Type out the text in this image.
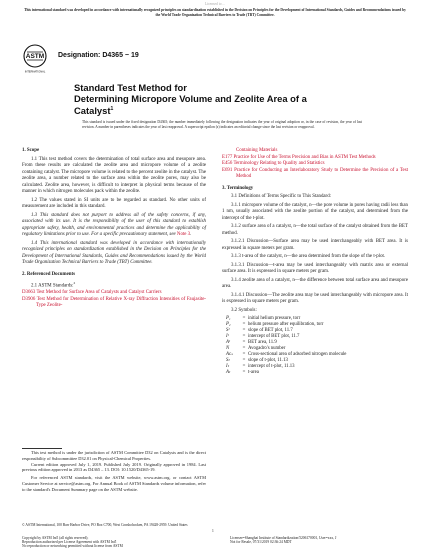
Licensed to ...
This international standard was developed in accordance with internationally recognized principles on standardization established in the Decision on Principles for the Development of International Standards, Guides and Recommendations issued by the World Trade Organization Technical Barriers to Trade (TBT) Committee.
ASTM
INTERNATIONAL
Designation: D4365 − 19
Standard Test Method for
Determining Micropore Volume and Zeolite Area of a
Catalyst$^1$
This standard is issued under the fixed designation D4365; the number immediately following the designation indicates the year of original adoption or, in the case of revision, the year of last revision. A number in parentheses indicates the year of last reapproval. A superscript epsilon (ε) indicates an editorial change since the last revision or reapproval.

1. Scope

1.1 This test method covers the determination of total surface area and mesopore area. From these results are calculated the zeolite area and micropore volume of a zeolite containing catalyst. The micropore volume is related to the percent zeolite in the catalyst. The zeolite area, a number related to the surface area within the zeolite pores, may also be calculated. Zeolite area, however, is difficult to interpret in physical terms because of the manner in which nitrogen molecules pack within the zeolite.

1.2 The values stated in SI units are to be regarded as standard. No other units of measurement are included in this standard.

1.3 This standard does not purport to address all of the safety concerns, if any, associated with its use. It is the responsibility of the user of this standard to establish appropriate safety, health, and environmental practices and determine the applicability of regulatory limitations prior to use. For a specific precautionary statement, see Note 3.

1.4 This international standard was developed in accordance with internationally recognized principles on standardization established in the Decision on Principles for the Development of International Standards, Guides and Recommendations issued by the World Trade Organization Technical Barriers to Trade (TBT) Committee.

2. Referenced Documents

2.1 ASTM Standards:$^2$

D3663 Test Method for Surface Area of Catalysts and Catalyst Carriers

D3906 Test Method for Determination of Relative X-ray Diffraction Intensities of Faujasite-Type Zeolite-

This test method is under the jurisdiction of ASTM Committee D32 on Catalysts and is the direct responsibility of Subcommittee D32.01 on Physical-Chemical Properties.

Current edition approved July 1, 2019. Published July 2019. Originally approved in 1984. Last previous edition approved in 2013 as D4365 – 13. DOI: 10.1520/D4365-19.

For referenced ASTM standards, visit the ASTM website, www.astm.org, or contact ASTM Customer Service at service@astm.org. For Annual Book of ASTM Standards volume information, refer to the standard's Document Summary page on the ASTM website.

Containing Materials

E177 Practice for Use of the Terms Precision and Bias in ASTM Test Methods

E456 Terminology Relating to Quality and Statistics

E691 Practice for Conducting an Interlaboratory Study to Determine the Precision of a Test Method

3. Terminology

3.1 Definitions of Terms Specific to This Standard:

3.1.1 micropore volume of the catalyst, n—the pore volume in pores having radii less than 1 nm, usually associated with the zeolite portion of the catalyst, and determined from the intercept of the t-plot.

3.1.2 surface area of a catalyst, n—the total surface of the catalyst obtained from the BET method.

3.1.2.1 Discussion—Surface area may be used interchangeably with BET area. It is expressed in square meters per gram.

3.1.3 t-area of the catalyst, n—the area determined from the slope of the t-plot.

3.1.3.1 Discussion—t-area may be used interchangeably with matrix area or external surface area. It is expressed in square meters per gram.

3.1.4 zeolite area of a catalyst, n—the difference between total surface area and mesopore area.

3.1.4.1 Discussion—The zeolite area may be used interchangeably with micropore area. It is expressed in square meters per gram.

3.2 Symbols:

P₁	=	initial helium pressure, torr
P₂	=	helium pressure after equilibration, torr
Sᴵ	=	slope of BET plot, 11.7
Iᴵ	=	intercept of BET plot, 11.7
Aᴵ	=	BET area, 11.9
N	=	Avogadro's number
Aᴄₛ	=	Cross-sectional area of adsorbed nitrogen molecule
Sₜ	=	slope of t-plot, 11.13
Iₜ	=	intercept of t-plot, 11.13
Aₜ	=	t-area
© ASTM International, 100 Barr Harbor Drive, PO Box C700, West Conshohocken, PA 19428-2959. United States
1
Copyright by ASTM Int'l (all rights reserved);
Reproduction authorized per License Agreement with ASTM Int'l
No reproduction or networking permitted without license from ASTM
Licensee=Shanghai Institute of Standardization/5206170001, User=xxx, J
Not for Resale, 07/31/2019 02:36:24 MDT
